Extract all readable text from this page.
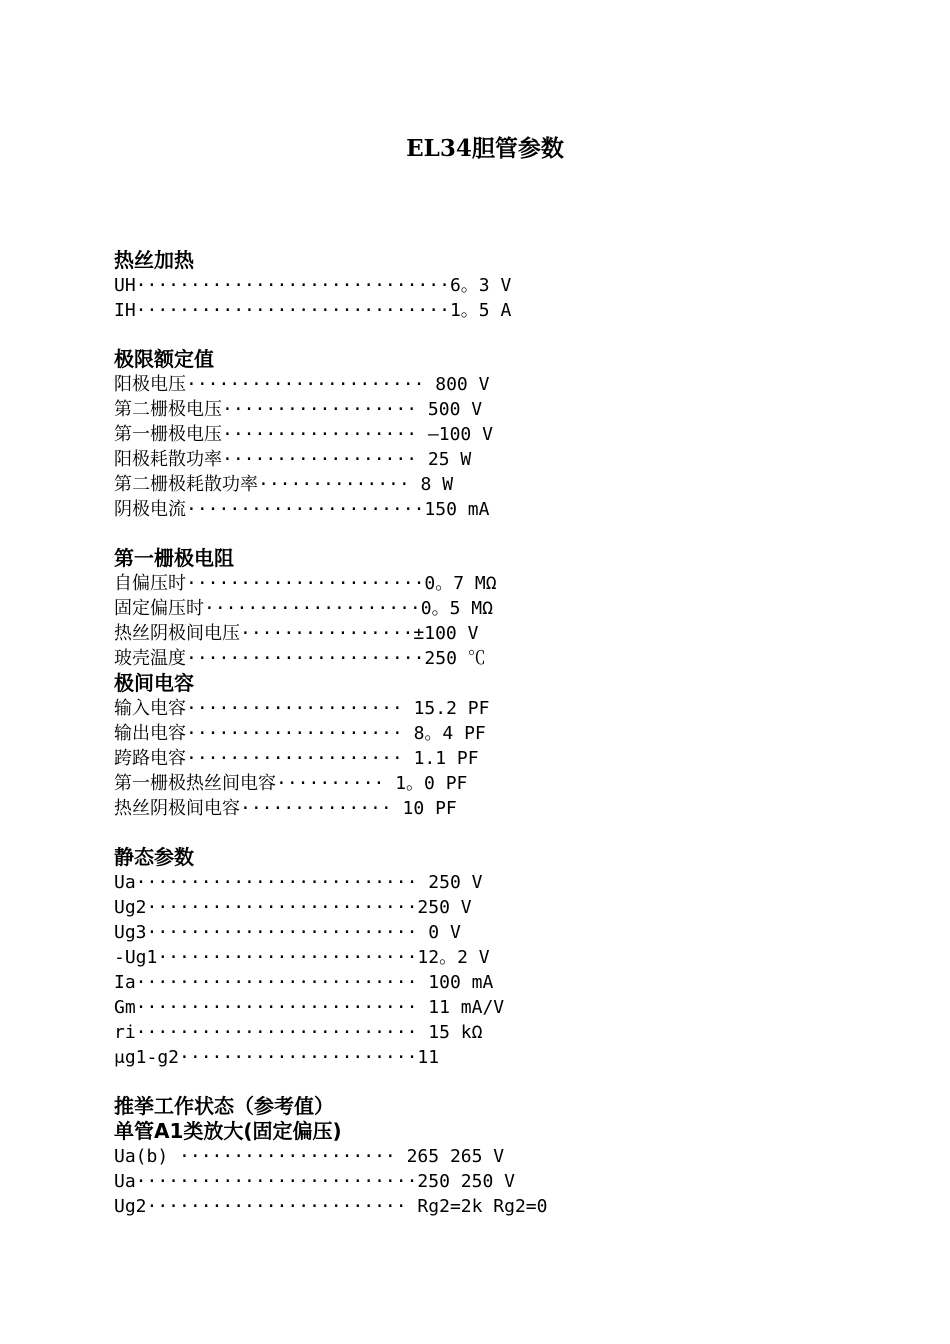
EL34胆管参数
热丝加热
UH·····························6。3 V
IH·····························1。5 A
极限额定值
阳极电压······················ 800 V
第二栅极电压·················· 500 V
第一栅极电压·················· —100 V
阳极耗散功率·················· 25 W
第二栅极耗散功率·············· 8 W
阴极电流······················150 mA
第一栅极电阻
自偏压时······················0。7 MΩ
固定偏压时····················0。5 MΩ
热丝阴极间电压················±100 V
玻壳温度······················250 ℃
极间电容
输入电容···················· 15.2 PF
输出电容···················· 8。4 PF
跨路电容···················· 1.1 PF
第一栅极热丝间电容·········· 1。0 PF
热丝阴极间电容·············· 10 PF
静态参数
Ua·························· 250 V
Ug2·························250 V
Ug3························· 0 V
-Ug1························12。2 V
Ia·························· 100 mA
Gm·························· 11 mA/V
ri·························· 15 kΩ
μg1-g2······················11
推挙工作状态（参考值）
单管A1类放大(固定偏压)
Ua(b) ···················· 265 265 V
Ua··························250 250 V
Ug2························ Rg2=2k Rg2=0
